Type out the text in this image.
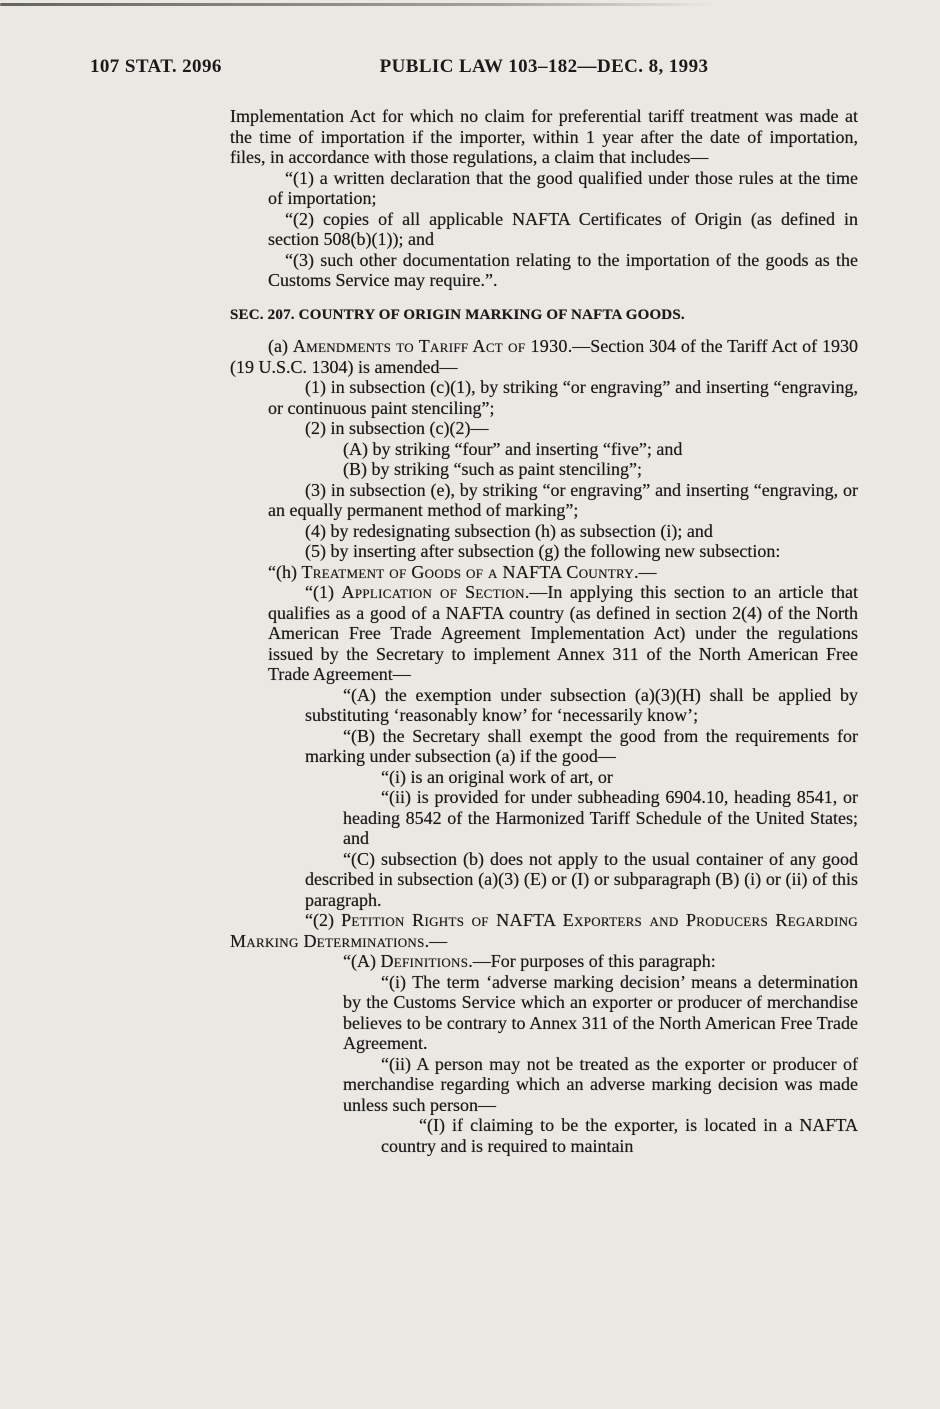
107 STAT. 2096	PUBLIC LAW 103–182—DEC. 8, 1993
Implementation Act for which no claim for preferential tariff treatment was made at the time of importation if the importer, within 1 year after the date of importation, files, in accordance with those regulations, a claim that includes—
“(1) a written declaration that the good qualified under those rules at the time of importation;
“(2) copies of all applicable NAFTA Certificates of Origin (as defined in section 508(b)(1)); and
“(3) such other documentation relating to the importation of the goods as the Customs Service may require.”.
SEC. 207. COUNTRY OF ORIGIN MARKING OF NAFTA GOODS.
(a) Amendments to Tariff Act of 1930.—Section 304 of the Tariff Act of 1930 (19 U.S.C. 1304) is amended—
(1) in subsection (c)(1), by striking “or engraving” and inserting “engraving, or continuous paint stenciling”;
(2) in subsection (c)(2)—
(A) by striking “four” and inserting “five”; and
(B) by striking “such as paint stenciling”;
(3) in subsection (e), by striking “or engraving” and inserting “engraving, or an equally permanent method of marking”;
(4) by redesignating subsection (h) as subsection (i); and
(5) by inserting after subsection (g) the following new subsection:
“(h) Treatment of Goods of a NAFTA Country.—
“(1) Application of Section.—In applying this section to an article that qualifies as a good of a NAFTA country (as defined in section 2(4) of the North American Free Trade Agreement Implementation Act) under the regulations issued by the Secretary to implement Annex 311 of the North American Free Trade Agreement—
“(A) the exemption under subsection (a)(3)(H) shall be applied by substituting ‘reasonably know’ for ‘necessarily know’;
“(B) the Secretary shall exempt the good from the requirements for marking under subsection (a) if the good—
“(i) is an original work of art, or
“(ii) is provided for under subheading 6904.10, heading 8541, or heading 8542 of the Harmonized Tariff Schedule of the United States; and
“(C) subsection (b) does not apply to the usual container of any good described in subsection (a)(3) (E) or (I) or subparagraph (B) (i) or (ii) of this paragraph.
“(2) Petition Rights of NAFTA Exporters and Producers Regarding Marking Determinations.—
“(A) Definitions.—For purposes of this paragraph:
“(i) The term ‘adverse marking decision’ means a determination by the Customs Service which an exporter or producer of merchandise believes to be contrary to Annex 311 of the North American Free Trade Agreement.
“(ii) A person may not be treated as the exporter or producer of merchandise regarding which an adverse marking decision was made unless such person—
“(I) if claiming to be the exporter, is located in a NAFTA country and is required to maintain
